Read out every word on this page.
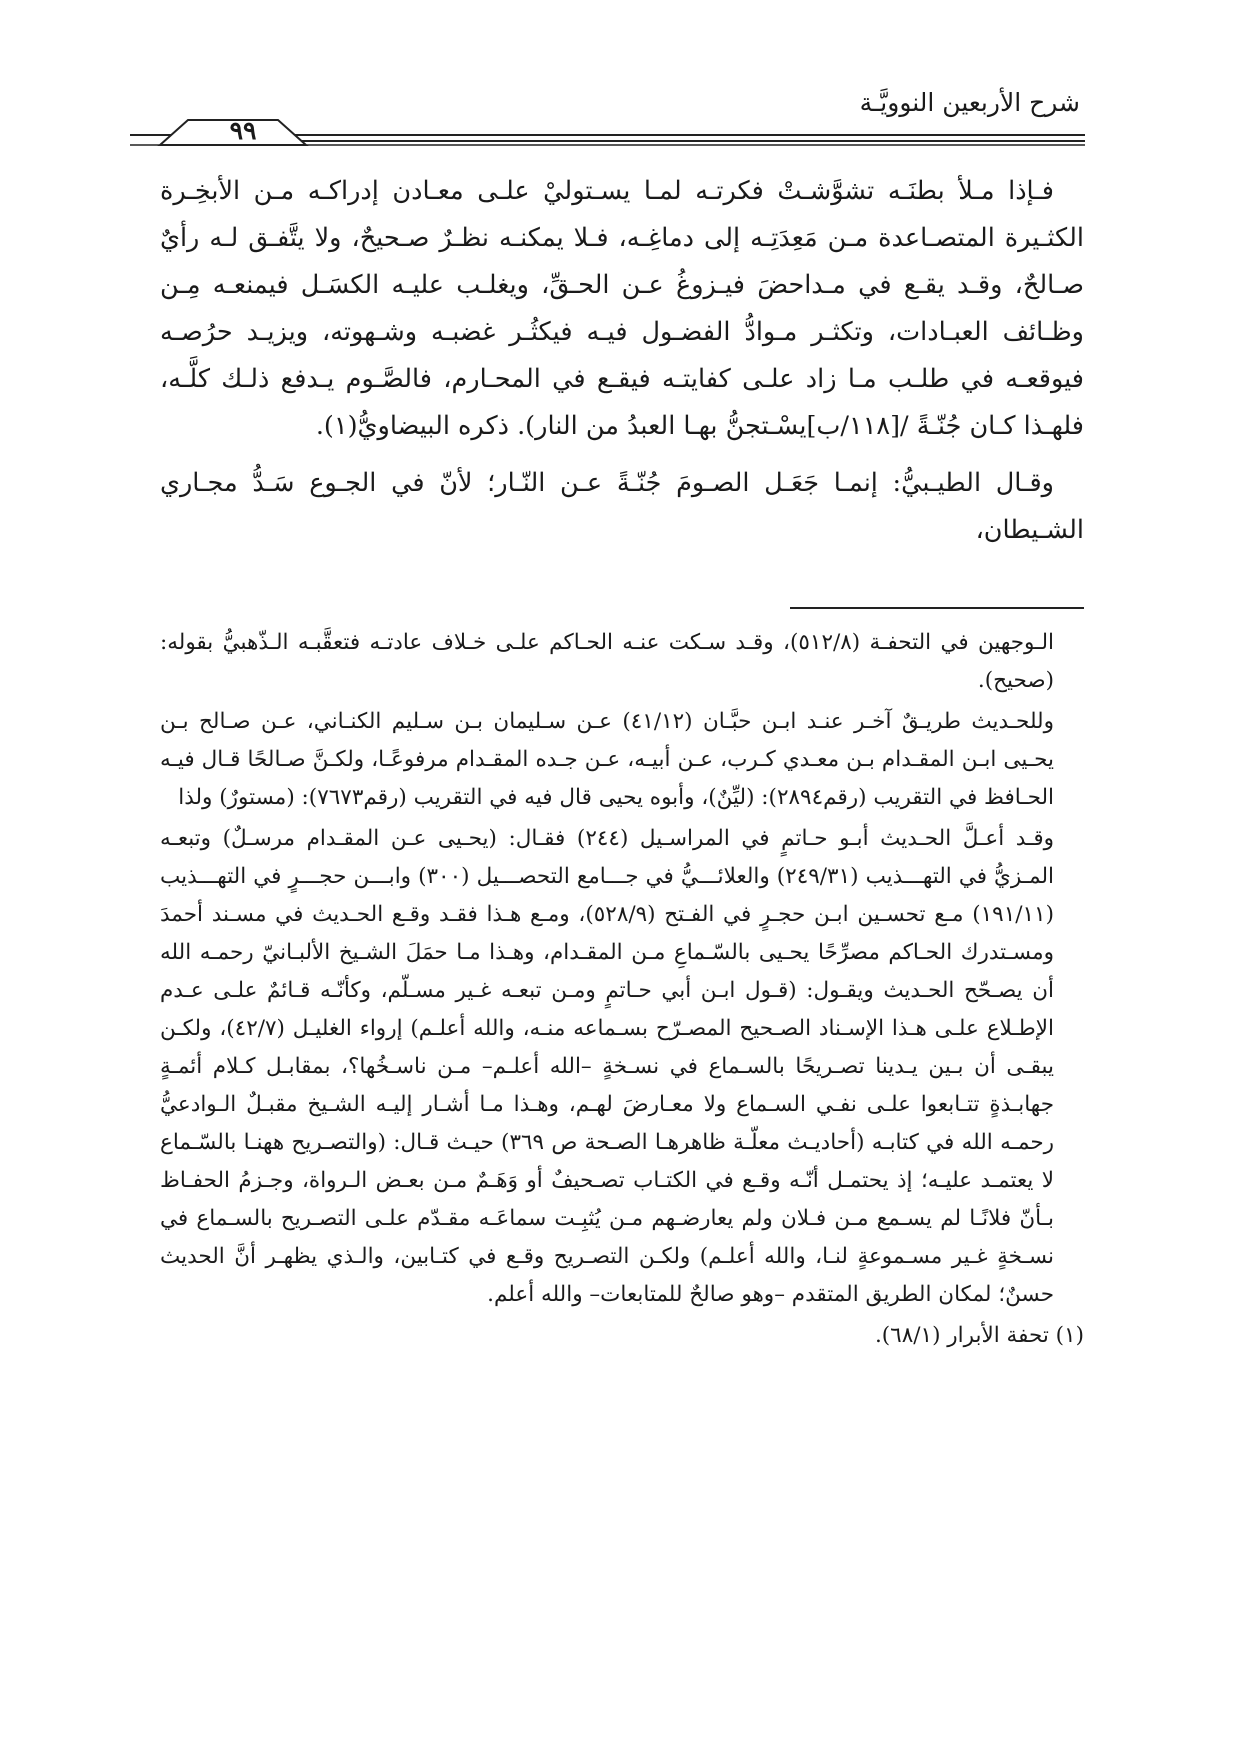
شرح الأربعين النوويَّـة
٩٩

فـإذا مـلأ بطنَـه تشوَّشـتْ فكرتـه لمـا يسـتوليْ علـى معـادن إدراكـه مـن الأبخِـرة الكثـيرة المتصـاعدة مـن مَعِدَتِـه إلى دماغِـه، فـلا يمكنـه نظـرٌ صـحيحٌ، ولا يتَّفـق لـه رأيٌ صـالحٌ، وقـد يقـع في مـداحضَ فيـزوغُ عـن الحـقِّ، ويغلـب عليـه الكسَـل فيمنعـه مِـن وظـائف العبـادات، وتكثـر مـوادُّ الفضـول فيـه فيكثُـر غضبـه وشـهوته، ويزيـد حرُصـه فيوقعـه في طلـب مـا زاد علـى كفايتـه فيقـع في المحـارم، فالصَّـوم يـدفع ذلـك كلَّـه، فلهـذا كـان جُنّـةً /[١١٨/ب]يسْـتجنُّ بهـا العبدُ من النار). ذكره البيضاويُّ(١).

وقـال الطيـبيُّ: إنمـا جَعَـل الصـومَ جُنّـةً عـن النّـار؛ لأنّ في الجـوع سَـدُّ مجـاري الشـيطان،

الـوجهين في التحفـة (٥١٢/٨)، وقـد سـكت عنـه الحـاكم علـى خـلاف عادتـه فتعقَّبـه الـذّهبيُّ بقوله: (صحيح).

وللحـديث طريـقٌ آخـر عنـد ابـن حبَّـان (٤١/١٢) عـن سـليمان بـن سـليم الكنـاني، عـن صـالح بـن يحـيى ابـن المقـدام بـن معـدي كـرب، عـن أبيـه، عـن جـده المقـدام مرفوعًـا، ولكـنَّ صـالحًا قـال فيـه الحـافظ في التقريب (رقم٢٨٩٤): (ليِّنٌ)، وأبوه يحيى قال فيه في التقريب (رقم٧٦٧٣): (مستورٌ) ولذا

وقـد أعـلَّ الحـديث أبـو حـاتمٍ في المراسـيل (٢٤٤) فقـال: (يحـيى عـن المقـدام مرسـلٌ) وتبعـه المـزيُّ في التهـــذيب (٢٤٩/٣١) والعلائـــيُّ في جـــامع التحصـــيل (٣٠٠) وابـــن حجـــرٍ في التهـــذيب (١٩١/١١) مـع تحسـين ابـن حجـرٍ في الفـتح (٥٢٨/٩)، ومـع هـذا فقـد وقـع الحـديث في مسـند أحمدَ ومسـتدرك الحـاكم مصرِّحًا يحـيى بالسّـماعِ مـن المقـدام، وهـذا مـا حمَلَ الشـيخ الألبـانيّ رحمـه الله أن يصـحّح الحـديث ويقـول: (قـول ابـن أبي حـاتمٍ ومـن تبعـه غـير مسـلّم، وكأنّـه قـائمٌ علـى عـدم الإطـلاع علـى هـذا الإسـناد الصـحيح المصـرّح بسـماعه منـه، والله أعلـم) إرواء الغليـل (٤٢/٧)، ولكـن يبقـى أن بـين يـدينا تصـريحًا بالسـماع في نسـخةٍ –الله أعلـم– مـن ناسـخُها؟، بمقابـل كـلام أئمـةٍ جهابـذةٍ تتـابعوا علـى نفـي السـماع ولا معـارضَ لهـم، وهـذا مـا أشـار إليـه الشـيخ مقبـلٌ الـوادعيُّ رحمـه الله في كتابـه (أحاديـث معلّـة ظاهرهـا الصـحة ص ٣٦٩) حيـث قـال: (والتصـريح ههنـا بالسّـماع لا يعتمـد عليـه؛ إذ يحتمـل أنّـه وقـع في الكتـاب تصـحيفٌ أو وَهَـمٌ مـن بعـض الـرواة، وجـزمُ الحفـاظ بـأنّ فلانًـا لم يسـمع مـن فـلان ولم يعارضـهم مـن يُثبِـت سماعَـه مقـدّم علـى التصـريح بالسـماع في نسـخةٍ غـير مسـموعةٍ لنـا، والله أعلـم) ولكـن التصـريح وقـع في كتـابين، والـذي يظهـر أنَّ الحديث حسنٌ؛ لمكان الطريق المتقدم –وهو صالحٌ للمتابعات– والله أعلم.

(١) تحفة الأبرار (٦٨/١).
